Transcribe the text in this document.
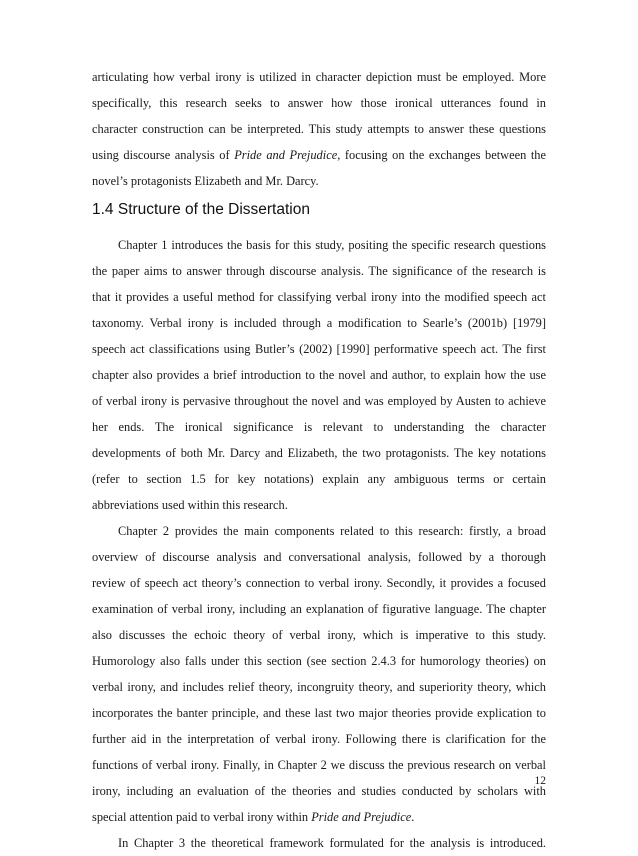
articulating how verbal irony is utilized in character depiction must be employed. More
specifically, this research seeks to answer how those ironical utterances found in
character construction can be interpreted. This study attempts to answer these questions
using discourse analysis of Pride and Prejudice, focusing on the exchanges between the
novel’s protagonists Elizabeth and Mr. Darcy.
1.4 Structure of the Dissertation
Chapter 1 introduces the basis for this study, positing the specific research questions
the paper aims to answer through discourse analysis. The significance of the research is
that it provides a useful method for classifying verbal irony into the modified speech act
taxonomy. Verbal irony is included through a modification to Searle’s (2001b) [1979]
speech act classifications using Butler’s (2002) [1990] performative speech act. The first
chapter also provides a brief introduction to the novel and author, to explain how the use
of verbal irony is pervasive throughout the novel and was employed by Austen to achieve
her ends. The ironical significance is relevant to understanding the character
developments of both Mr. Darcy and Elizabeth, the two protagonists. The key notations
(refer to section 1.5 for key notations) explain any ambiguous terms or certain
abbreviations used within this research.
Chapter 2 provides the main components related to this research: firstly, a broad
overview of discourse analysis and conversational analysis, followed by a thorough
review of speech act theory’s connection to verbal irony. Secondly, it provides a focused
examination of verbal irony, including an explanation of figurative language. The chapter
also discusses the echoic theory of verbal irony, which is imperative to this study.
Humorology also falls under this section (see section 2.4.3 for humorology theories) on
verbal irony, and includes relief theory, incongruity theory, and superiority theory, which
incorporates the banter principle, and these last two major theories provide explication to
further aid in the interpretation of verbal irony. Following there is clarification for the
functions of verbal irony. Finally, in Chapter 2 we discuss the previous research on verbal
irony, including an evaluation of the theories and studies conducted by scholars with
special attention paid to verbal irony within Pride and Prejudice.
In Chapter 3 the theoretical framework formulated for the analysis is introduced.
12
